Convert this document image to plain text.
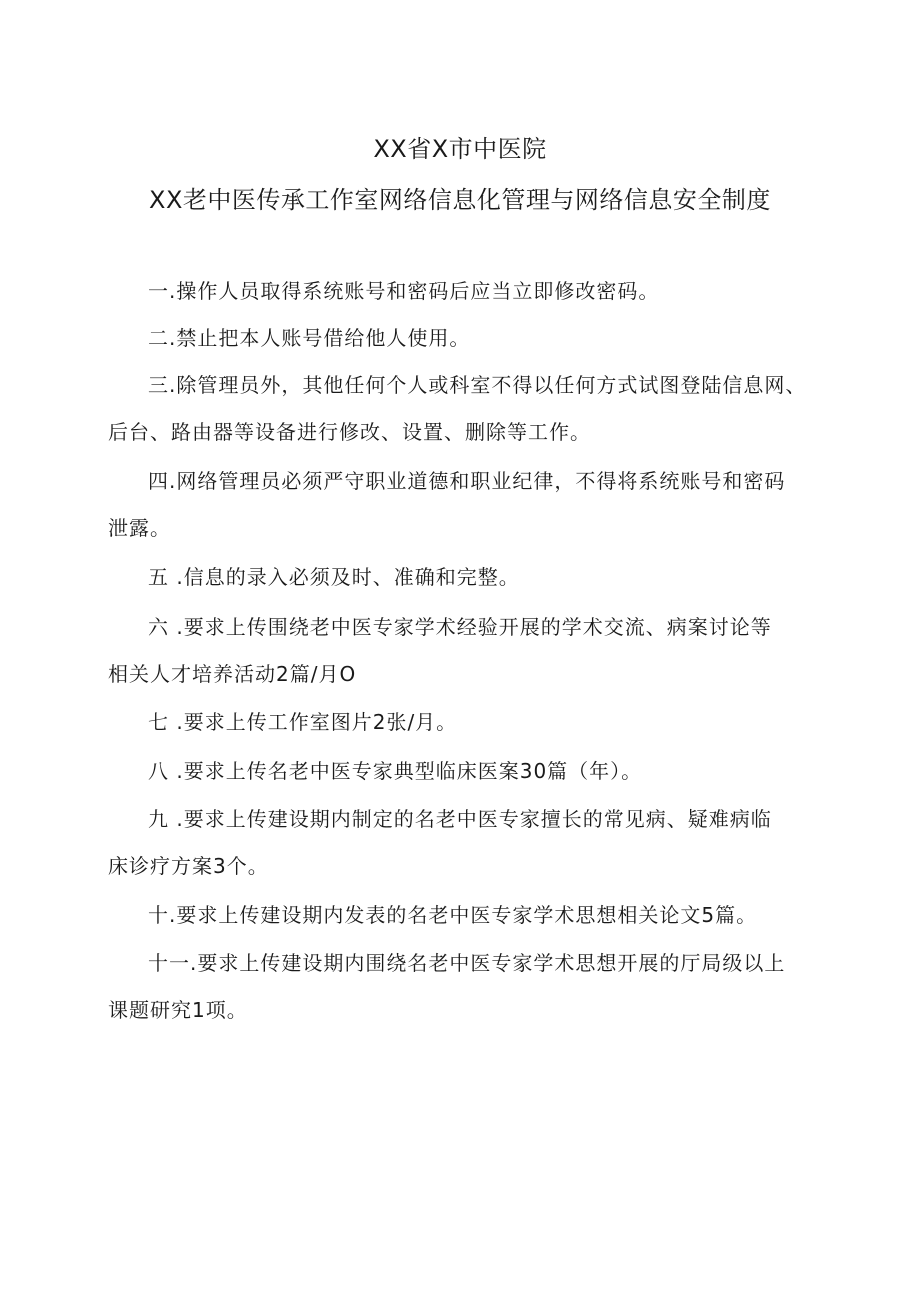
XX省X市中医院
XX老中医传承工作室网络信息化管理与网络信息安全制度
一.操作人员取得系统账号和密码后应当立即修改密码。
二.禁止把本人账号借给他人使用。
三.除管理员外，其他任何个人或科室不得以任何方式试图登陆信息网、
后台、路由器等设备进行修改、设置、删除等工作。
四.网络管理员必须严守职业道德和职业纪律，不得将系统账号和密码
泄露。
五 .信息的录入必须及时、准确和完整。
六 .要求上传围绕老中医专家学术经验开展的学术交流、病案讨论等
相关人才培养活动2篇/月O
七 .要求上传工作室图片2张/月。
八 .要求上传名老中医专家典型临床医案30篇（年）。
九 .要求上传建设期内制定的名老中医专家擅长的常见病、疑难病临
床诊疗方案3个。
十.要求上传建设期内发表的名老中医专家学术思想相关论文5篇。
十一.要求上传建设期内围绕名老中医专家学术思想开展的厅局级以上
课题研究1项。
